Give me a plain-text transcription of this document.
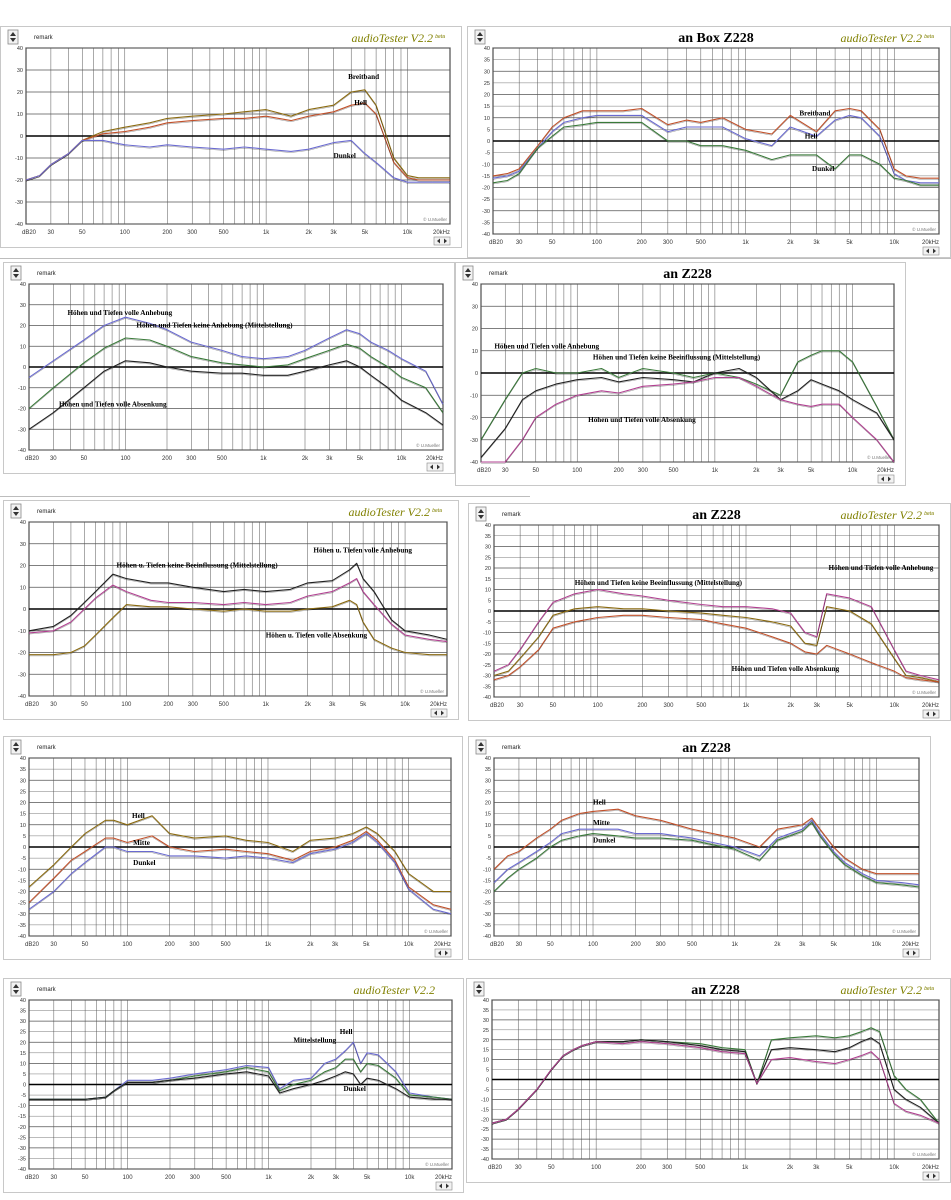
remark	audioTester V2.2 beta
-40
-30
-20
-10
0
10
20
30
40
dB20 30	50	100	200 300	500	1k	2k	3k	5k	10k	20kHz
© U.Mueller
Breitband
Hell
Dunkel
audioTester V2.2 beta
an Box Z228
-40
-35
-30
-25
-20
-15
-10
-5
0
5
10
15
20
25
30
35
40
dB20 30	50	100	200	300	500	1k	2k	3k	5k	10k	20kHz
© U.Mueller
Breitband
Hell
Dunkel
remark
-40
-30
-20
-10
0
10
20
30
40
dB20 30	50	100	200 300	500	1k	2k	3k	5k	10k	20kHz
© U.Mueller
Höhen und Tiefen volle Anhebung
Höhen und Tiefen keine Anhebung (Mittelstellung)
Höhen und Tiefen volle Absenkung
remark	an Z228
-40
-30
-20
-10
0
10
20
30
40
dB20 30	50	100	200 300	500	1k	2k	3k	5k	10k	20kHz
© U.Mueller
Höhen und Tiefen volle Anhebung
Höhen und Tiefen keine Beeinflussung (Mittelstellung)
Höhen und Tiefen volle Absenkung
remark	audioTester V2.2 beta
-40
-30
-20
-10
0
10
20
30
40
dB20 30	50	100	200 300	500	1k	2k	3k	5k	10k	20kHz
© U.Mueller
Höhen u. Tiefen volle Anhebung
Höhen u. Tiefen keine Beeinflussung (Mittelstellung)
Höhen u. Tiefen volle Absenkung
remark	audioTester V2.2 beta
an Z228
-40
-35
-30
-25
-20
-15
-10
-5
0
5
10
15
20
25
30
35
40
dB20 30	50	100	200	300	500	1k	2k	3k	5k	10k	20kHz
© U.Mueller
Höhen und Tiefen volle Anhebung
Höhen und Tiefen keine Beeinflussung (Mittelstellung)
Höhen und Tiefen volle Absenkung
remark
-40
-35
-30
-25
-20
-15
-10
-5
0
5
10
15
20
25
30
35
40
dB20 30	50	100	200 300	500	1k	2k	3k	5k	10k	20kHz
© U.Mueller
Hell
Mitte
Dunkel
remark	an Z228
-40
-35
-30
-25
-20
-15
-10
-5
0
5
10
15
20
25
30
35
40
dB20 30	50	100	200 300	500	1k	2k	3k	5k	10k	20kHz
© U.Mueller
Hell
Mitte
Dunkel
remark	audioTester V2.2
-40
-35
-30
-25
-20
-15
-10
-5
0
5
10
15
20
25
30
35
40
dB20 30	50	100	200 300	500	1k	2k	3k	5k	10k	20kHz
© U.Mueller
Hell
Mittelstellung
Dunkel
audioTester V2.2 beta
an Z228
-40
-35
-30
-25
-20
-15
-10
-5
0
5
10
15
20
25
30
35
40
dB20 30	50	100	200	300	500	1k	2k	3k	5k	10k	20kHz
© U.Mueller
